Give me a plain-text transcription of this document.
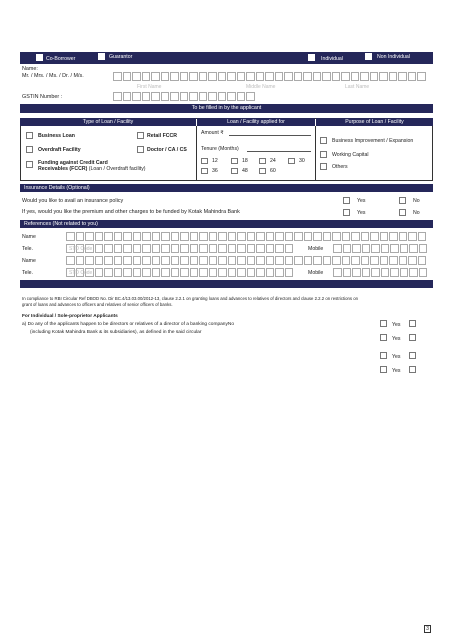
Co-Borrower	Guarantor	Individual	Non Individual
Name:
Mr. / Mrs. / Ms. / Dr. / M/s.
First Name	Middle Name	Last Name
GSTIN Number :
To be filled in by the applicant
Type of Loan / Facility	Loan / Facility applied for	Purpose of Loan / Facility
Business Loan	Retail FCCR
Overdraft Facility	Doctor / CA / CS
Funding against Credit Card
Receivables (FCCR) (Loan / Overdraft facility)
Amount ₹
Tenure (Months)
12	18	24	30
36	48	60
Business Improvement / Expansion
Working Capital
Others
Insurance Details (Optional)
Would you like to avail an insurance policy	Yes	No
If yes, would you like the premium and other charges to be funded by Kotak Mahindra Bank	Yes	No
References (Not related to you)
Name
Tele.	STD Code	Mobile
Name
Tele.	STD Code	Mobile
In compliance to RBI Circular Ref DBOD No. Dir BC.4/13.03.00/2012-13, clause 2.2.1 on granting loans and advances to relatives of directors and clause 2.2.2 on restrictions on
grant of loans and advances to officers and relatives of senior officers of banks.
For Individual / Sole-proprietor Applicants
a) Do any of the applicants happen to be directors or relatives of a director of a banking companyNo
(including Kotak Mahindra Bank & its subsidiaries), as defined in the said circular
Yes
Yes
Yes
Yes
3
